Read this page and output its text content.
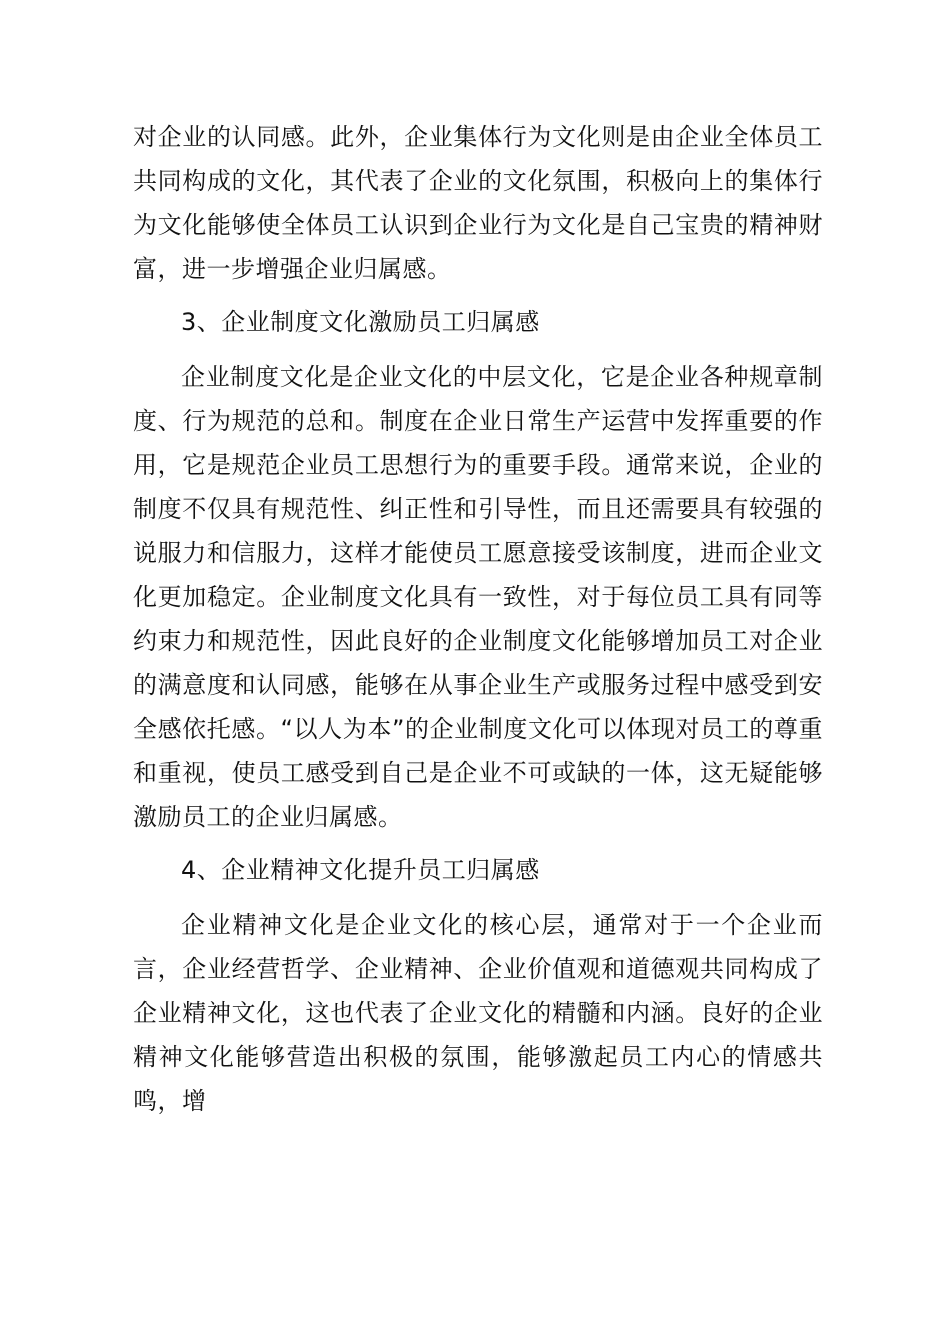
对企业的认同感。此外，企业集体行为文化则是由企业全体员工共同构成的文化，其代表了企业的文化氛围，积极向上的集体行为文化能够使全体员工认识到企业行为文化是自己宝贵的精神财富，进一步增强企业归属感。

3、企业制度文化激励员工归属感

企业制度文化是企业文化的中层文化，它是企业各种规章制度、行为规范的总和。制度在企业日常生产运营中发挥重要的作用，它是规范企业员工思想行为的重要手段。通常来说，企业的制度不仅具有规范性、纠正性和引导性，而且还需要具有较强的说服力和信服力，这样才能使员工愿意接受该制度，进而企业文化更加稳定。企业制度文化具有一致性，对于每位员工具有同等约束力和规范性，因此良好的企业制度文化能够增加员工对企业的满意度和认同感，能够在从事企业生产或服务过程中感受到安全感依托感。“以人为本”的企业制度文化可以体现对员工的尊重和重视，使员工感受到自己是企业不可或缺的一体，这无疑能够激励员工的企业归属感。

4、企业精神文化提升员工归属感

企业精神文化是企业文化的核心层，通常对于一个企业而言，企业经营哲学、企业精神、企业价值观和道德观共同构成了企业精神文化，这也代表了企业文化的精髓和内涵。良好的企业精神文化能够营造出积极的氛围，能够激起员工内心的情感共鸣，增
